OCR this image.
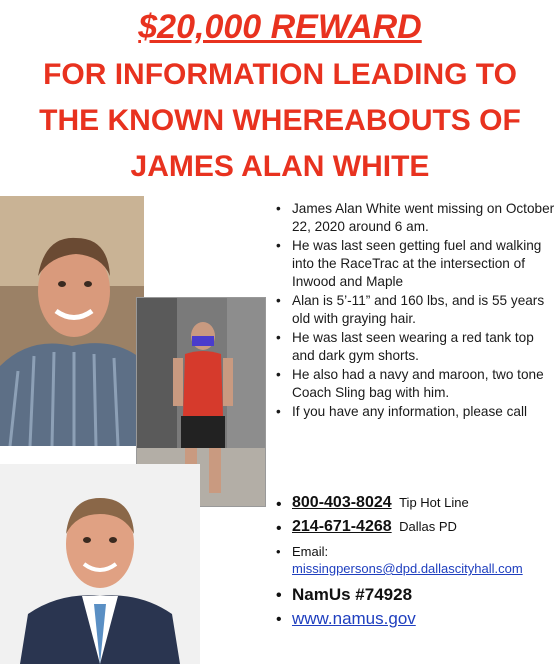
$20,000 REWARD
FOR INFORMATION LEADING TO
THE KNOWN WHEREABOUTS OF
JAMES ALAN WHITE
• James Alan White went missing on October 22, 2020 around 6 am.
• He was last seen getting fuel and walking into the RaceTrac at the intersection of Inwood and Maple
• Alan is 5’-11” and 160 lbs, and is 55 years old with graying hair.
• He was last seen wearing a red tank top and dark gym shorts.
• He also had a navy and maroon, two tone Coach Sling bag with him.
• If you have any information, please call
• 800-403-8024 Tip Hot Line
• 214-671-4268 Dallas PD
• Email:
missingpersons@dpd.dallascityhall.com
• NamUs #74928
• www.namus.gov
